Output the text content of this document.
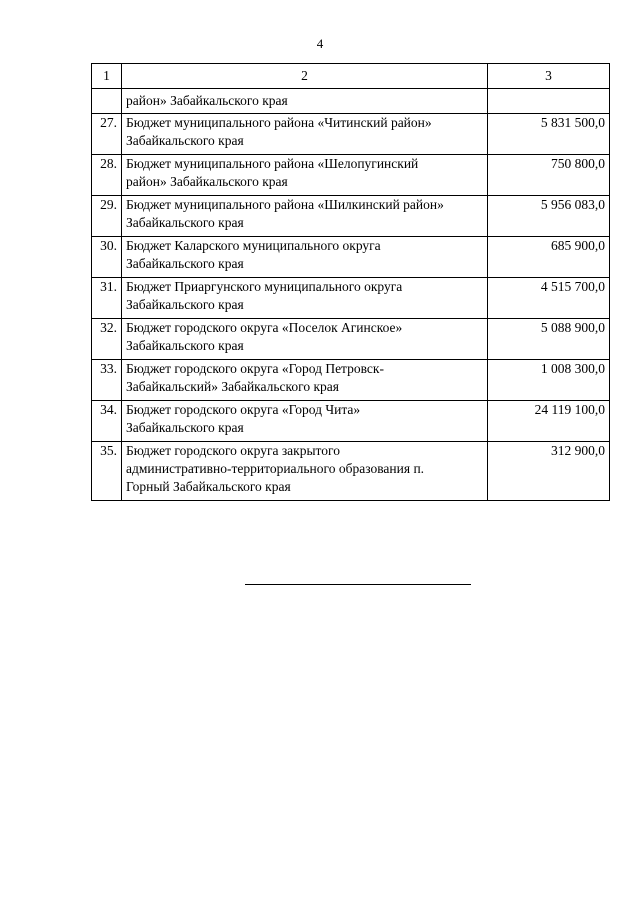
4
1	2	3
	район» Забайкальского края	
27.	Бюджет муниципального района «Читинский район»
Забайкальского края	5 831 500,0
28.	Бюджет муниципального района «Шелопугинский
район» Забайкальского края	750 800,0
29.	Бюджет муниципального района «Шилкинский район»
Забайкальского края	5 956 083,0
30.	Бюджет Каларского муниципального округа
Забайкальского края	685 900,0
31.	Бюджет Приаргунского муниципального округа
Забайкальского края	4 515 700,0
32.	Бюджет городского округа «Поселок Агинское»
Забайкальского края	5 088 900,0
33.	Бюджет городского округа «Город Петровск-
Забайкальский» Забайкальского края	1 008 300,0
34.	Бюджет городского округа «Город Чита»
Забайкальского края	24 119 100,0
35.	Бюджет городского округа закрытого
административно-территориального образования п.
Горный Забайкальского края	312 900,0
